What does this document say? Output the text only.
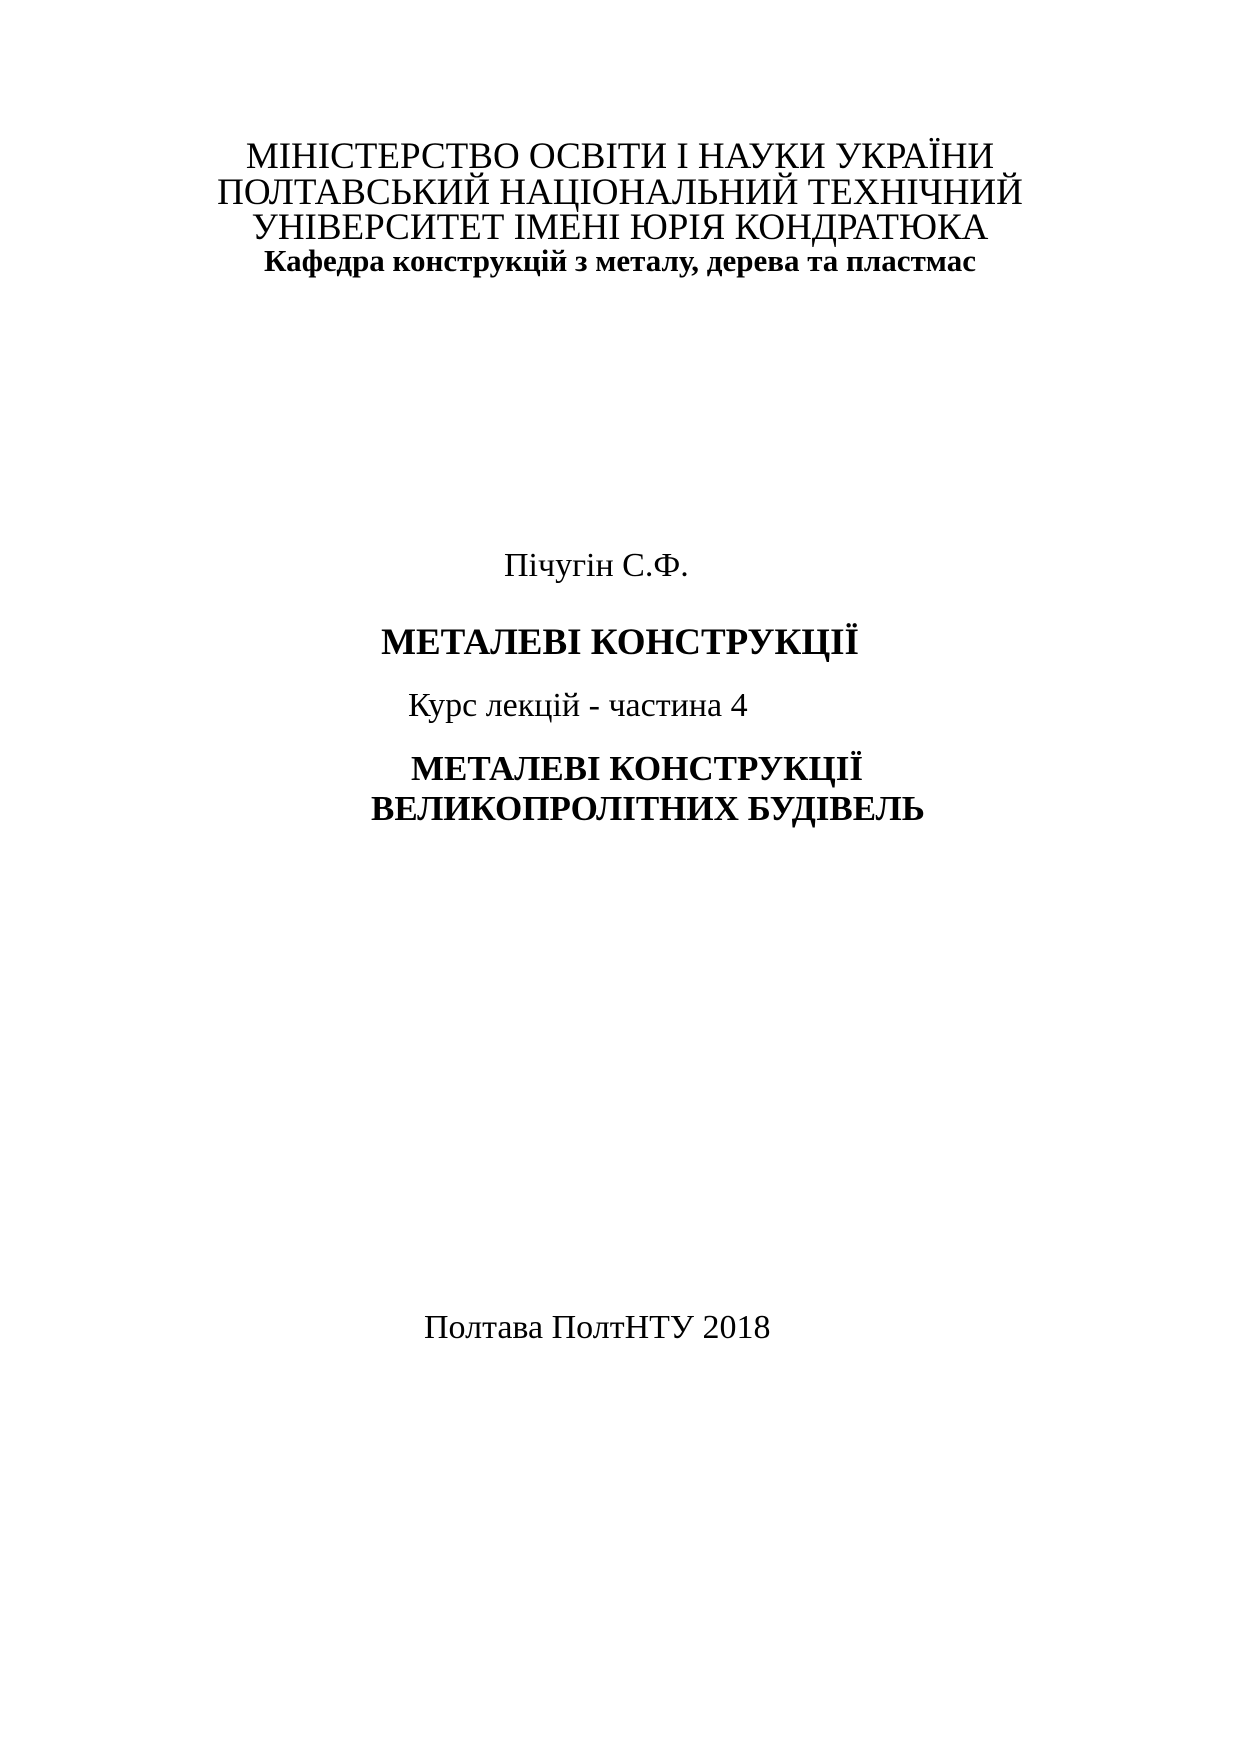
МІНІСТЕРСТВО ОСВІТИ І НАУКИ УКРАЇНИ
ПОЛТАВСЬКИЙ НАЦІОНАЛЬНИЙ ТЕХНІЧНИЙ
УНІВЕРСИТЕТ ІМЕНІ ЮРІЯ КОНДРАТЮКА
Кафедра конструкцій з металу, дерева та пластмас
Пічугін С.Ф.
МЕТАЛЕВІ КОНСТРУКЦІЇ
Курс лекцій - частина 4
МЕТАЛЕВІ КОНСТРУКЦІЇ
ВЕЛИКОПРОЛІТНИХ БУДІВЕЛЬ
Полтава ПолтНТУ 2018
